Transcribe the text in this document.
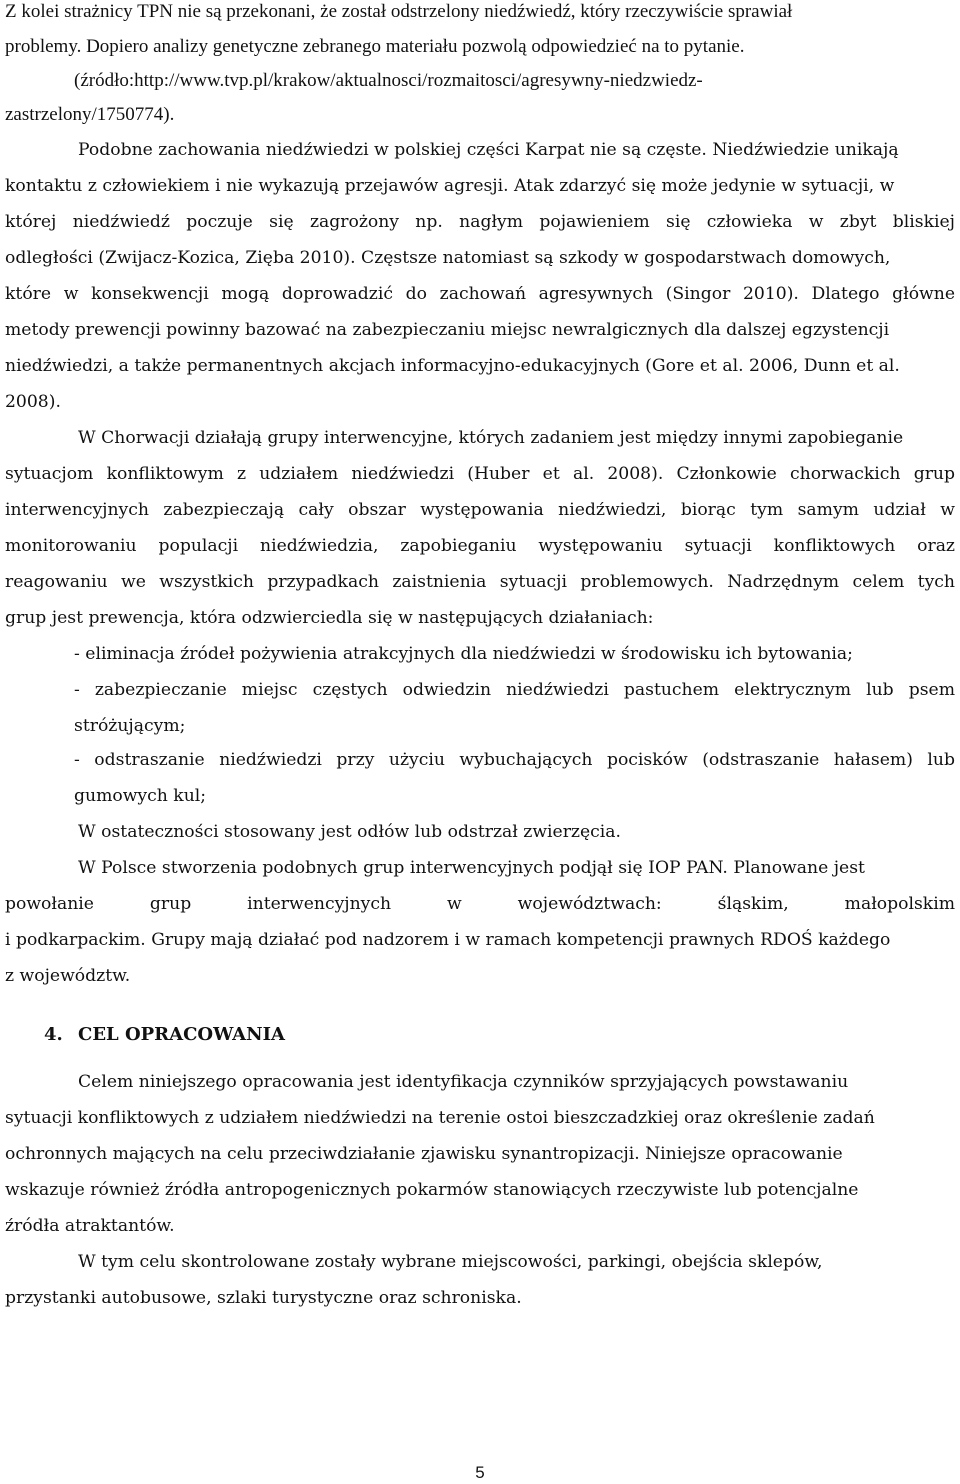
Z kolei strażnicy TPN nie są przekonani, że został odstrzelony niedźwiedź, który rzeczywiście sprawiał

problemy. Dopiero analizy genetyczne zebranego materiału pozwolą odpowiedzieć na to pytanie.

(źródło:http://www.tvp.pl/krakow/aktualnosci/rozmaitosci/agresywny-niedzwiedz-

zastrzelony/1750774).

Podobne zachowania niedźwiedzi w polskiej części Karpat nie są częste. Niedźwiedzie unikają

kontaktu z człowiekiem i nie wykazują przejawów agresji. Atak zdarzyć się może jedynie w sytuacji, w

której niedźwiedź poczuje się zagrożony np. nagłym pojawieniem się człowieka w zbyt bliskiej

odległości (Zwijacz-Kozica, Zięba 2010). Częstsze natomiast są szkody w gospodarstwach domowych,

które w konsekwencji mogą doprowadzić do zachowań agresywnych (Singor 2010). Dlatego główne

metody prewencji powinny bazować na zabezpieczaniu miejsc newralgicznych dla dalszej egzystencji

niedźwiedzi, a także permanentnych akcjach informacyjno-edukacyjnych (Gore et al. 2006, Dunn et al.

2008).

W Chorwacji działają grupy interwencyjne, których zadaniem jest między innymi zapobieganie

sytuacjom konfliktowym z udziałem niedźwiedzi (Huber et al. 2008). Członkowie chorwackich grup

interwencyjnych zabezpieczają cały obszar występowania niedźwiedzi, biorąc tym samym udział w

monitorowaniu populacji niedźwiedzia, zapobieganiu występowaniu sytuacji konfliktowych oraz

reagowaniu we wszystkich przypadkach zaistnienia sytuacji problemowych. Nadrzędnym celem tych

grup jest prewencja, która odzwierciedla się w następujących działaniach:

- eliminacja źródeł pożywienia atrakcyjnych dla niedźwiedzi w środowisku ich bytowania;

- zabezpieczanie miejsc częstych odwiedzin niedźwiedzi pastuchem elektrycznym lub psem

stróżującym;

- odstraszanie niedźwiedzi przy użyciu wybuchających pocisków (odstraszanie hałasem) lub

gumowych kul;

W ostateczności stosowany jest odłów lub odstrzał zwierzęcia.

W Polsce stworzenia podobnych grup interwencyjnych podjął się IOP PAN. Planowane jest

powołanie grup interwencyjnych w województwach: śląskim, małopolskim

i podkarpackim. Grupy mają działać pod nadzorem i w ramach kompetencji prawnych RDOŚ każdego

z województw.

4. CEL OPRACOWANIA

Celem niniejszego opracowania jest identyfikacja czynników sprzyjających powstawaniu

sytuacji konfliktowych z udziałem niedźwiedzi na terenie ostoi bieszczadzkiej oraz określenie zadań

ochronnych mających na celu przeciwdziałanie zjawisku synantropizacji. Niniejsze opracowanie

wskazuje również źródła antropogenicznych pokarmów stanowiących rzeczywiste lub potencjalne

źródła atraktantów.

W tym celu skontrolowane zostały wybrane miejscowości, parkingi, obejścia sklepów,

przystanki autobusowe, szlaki turystyczne oraz schroniska.

5
